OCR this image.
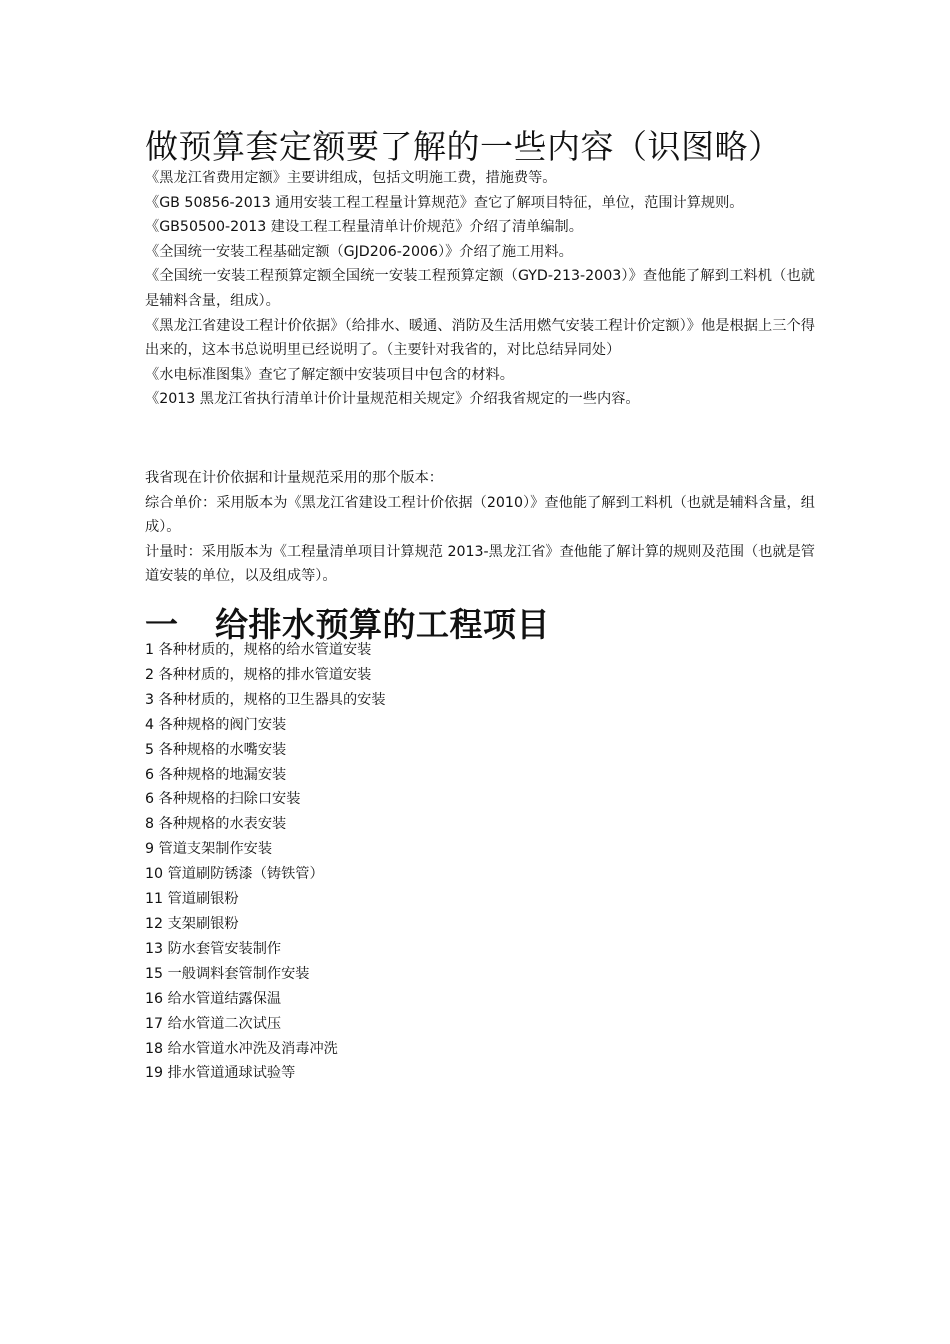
做预算套定额要了解的一些内容（识图略）

《黑龙江省费用定额》主要讲组成，包括文明施工费，措施费等。

《GB 50856-2013 通用安装工程工程量计算规范》查它了解项目特征，单位，范围计算规则。

《GB50500-2013 建设工程工程量清单计价规范》介绍了清单编制。

《全国统一安装工程基础定额（GJD206-2006）》介绍了施工用料。

《全国统一安装工程预算定额全国统一安装工程预算定额（GYD-213-2003）》查他能了解到工料机（也就是辅料含量，组成）。

《黑龙江省建设工程计价依据》（给排水、暖通、消防及生活用燃气安装工程计价定额）》他是根据上三个得出来的，这本书总说明里已经说明了。（主要针对我省的，对比总结异同处）

《水电标准图集》查它了解定额中安装项目中包含的材料。

《2013 黑龙江省执行清单计价计量规范相关规定》介绍我省规定的一些内容。

我省现在计价依据和计量规范采用的那个版本：

综合单价：采用版本为《黑龙江省建设工程计价依据（2010）》查他能了解到工料机（也就是辅料含量，组成）。

计量时：采用版本为《工程量清单项目计算规范 2013-黑龙江省》查他能了解计算的规则及范围（也就是管道安装的单位，以及组成等）。

一 给排水预算的工程项目
1 各种材质的，规格的给水管道安装
2 各种材质的，规格的排水管道安装
3 各种材质的，规格的卫生器具的安装
4 各种规格的阀门安装
5 各种规格的水嘴安装
6 各种规格的地漏安装
6 各种规格的扫除口安装
8 各种规格的水表安装
9 管道支架制作安装
10 管道刷防锈漆（铸铁管）
11 管道刷银粉
12 支架刷银粉
13 防水套管安装制作
15 一般调料套管制作安装
16 给水管道结露保温
17 给水管道二次试压
18 给水管道水冲洗及消毒冲洗
19 排水管道通球试验等
